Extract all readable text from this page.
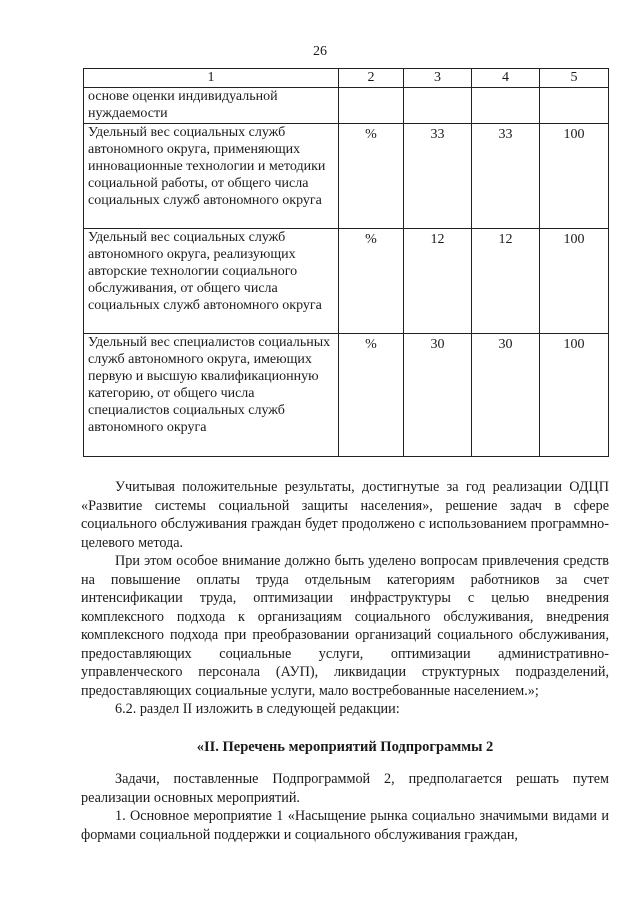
26
1	2	3	4	5
основе оценки индивидуальной нуждаемости				
Удельный вес социальных служб автономного округа, применяющих инновационные технологии и методики социальной работы, от общего числа социальных служб автономного округа	%	33	33	100
Удельный вес социальных служб автономного округа, реализующих авторские технологии социального обслуживания, от общего числа социальных служб автономного округа	%	12	12	100
Удельный вес специалистов социальных служб автономного округа, имеющих первую и высшую квалификационную категорию, от общего числа специалистов социальных служб автономного округа	%	30	30	100

Учитывая положительные результаты, достигнутые за год реализации ОДЦП «Развитие системы социальной защиты населения», решение задач в сфере социального обслуживания граждан будет продолжено с использованием программно-целевого метода.

При этом особое внимание должно быть уделено вопросам привлечения средств на повышение оплаты труда отдельным категориям работников за счет интенсификации труда, оптимизации инфраструктуры с целью внедрения комплексного подхода к организациям социального обслуживания, внедрения комплексного подхода при преобразовании организаций социального обслуживания, предоставляющих социальные услуги, оптимизации административно-управленческого персонала (АУП), ликвидации структурных подразделений, предоставляющих социальные услуги, мало востребованные населением.»;

6.2. раздел II изложить в следующей редакции:

«II. Перечень мероприятий Подпрограммы 2

Задачи, поставленные Подпрограммой 2, предполагается решать путем реализации основных мероприятий.

1. Основное мероприятие 1 «Насыщение рынка социально значимыми видами и формами социальной поддержки и социального обслуживания граждан,
